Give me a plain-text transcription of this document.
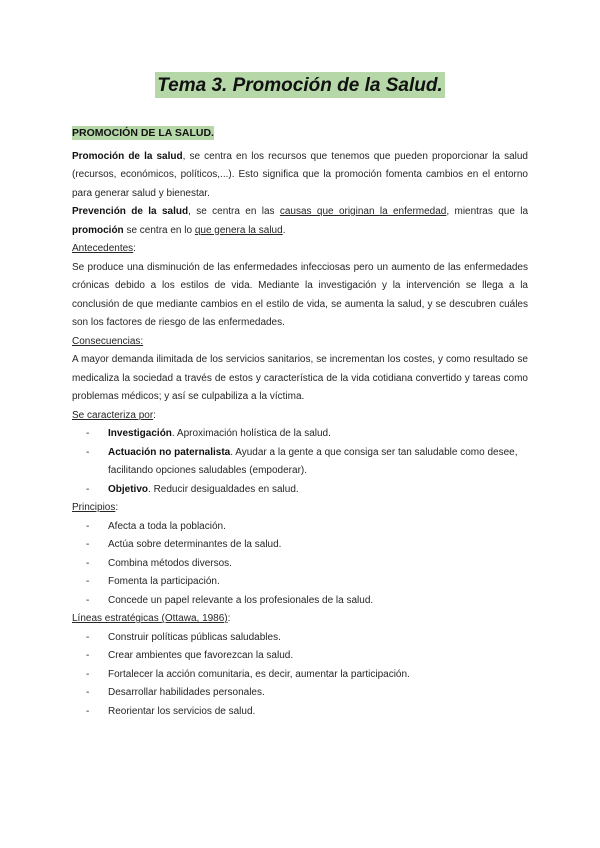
Tema 3. Promoción de la Salud.
PROMOCIÓN DE LA SALUD.

Promoción de la salud, se centra en los recursos que tenemos que pueden proporcionar la salud (recursos, económicos, políticos,...). Esto significa que la promoción fomenta cambios en el entorno para generar salud y bienestar.

Prevención de la salud, se centra en las causas que originan la enfermedad, mientras que la promoción se centra en lo que genera la salud.

Antecedentes:

Se produce una disminución de las enfermedades infecciosas pero un aumento de las enfermedades crónicas debido a los estilos de vida. Mediante la investigación y la intervención se llega a la conclusión de que mediante cambios en el estilo de vida, se aumenta la salud, y se descubren cuáles son los factores de riesgo de las enfermedades.

Consecuencias:

A mayor demanda ilimitada de los servicios sanitarios, se incrementan los costes, y como resultado se medicaliza la sociedad a través de estos y característica de la vida cotidiana convertido y tareas como problemas médicos; y así se culpabiliza a la víctima.

Se caracteriza por:

- Investigación. Aproximación holística de la salud.
- Actuación no paternalista. Ayudar a la gente a que consiga ser tan saludable como desee, facilitando opciones saludables (empoderar).
- Objetivo. Reducir desigualdades en salud.

Principios:

- Afecta a toda la población.
- Actúa sobre determinantes de la salud.
- Combina métodos diversos.
- Fomenta la participación.
- Concede un papel relevante a los profesionales de la salud.

Líneas estratégicas (Ottawa, 1986):

- Construir políticas públicas saludables.
- Crear ambientes que favorezcan la salud.
- Fortalecer la acción comunitaria, es decir, aumentar la participación.
- Desarrollar habilidades personales.
- Reorientar los servicios de salud.
